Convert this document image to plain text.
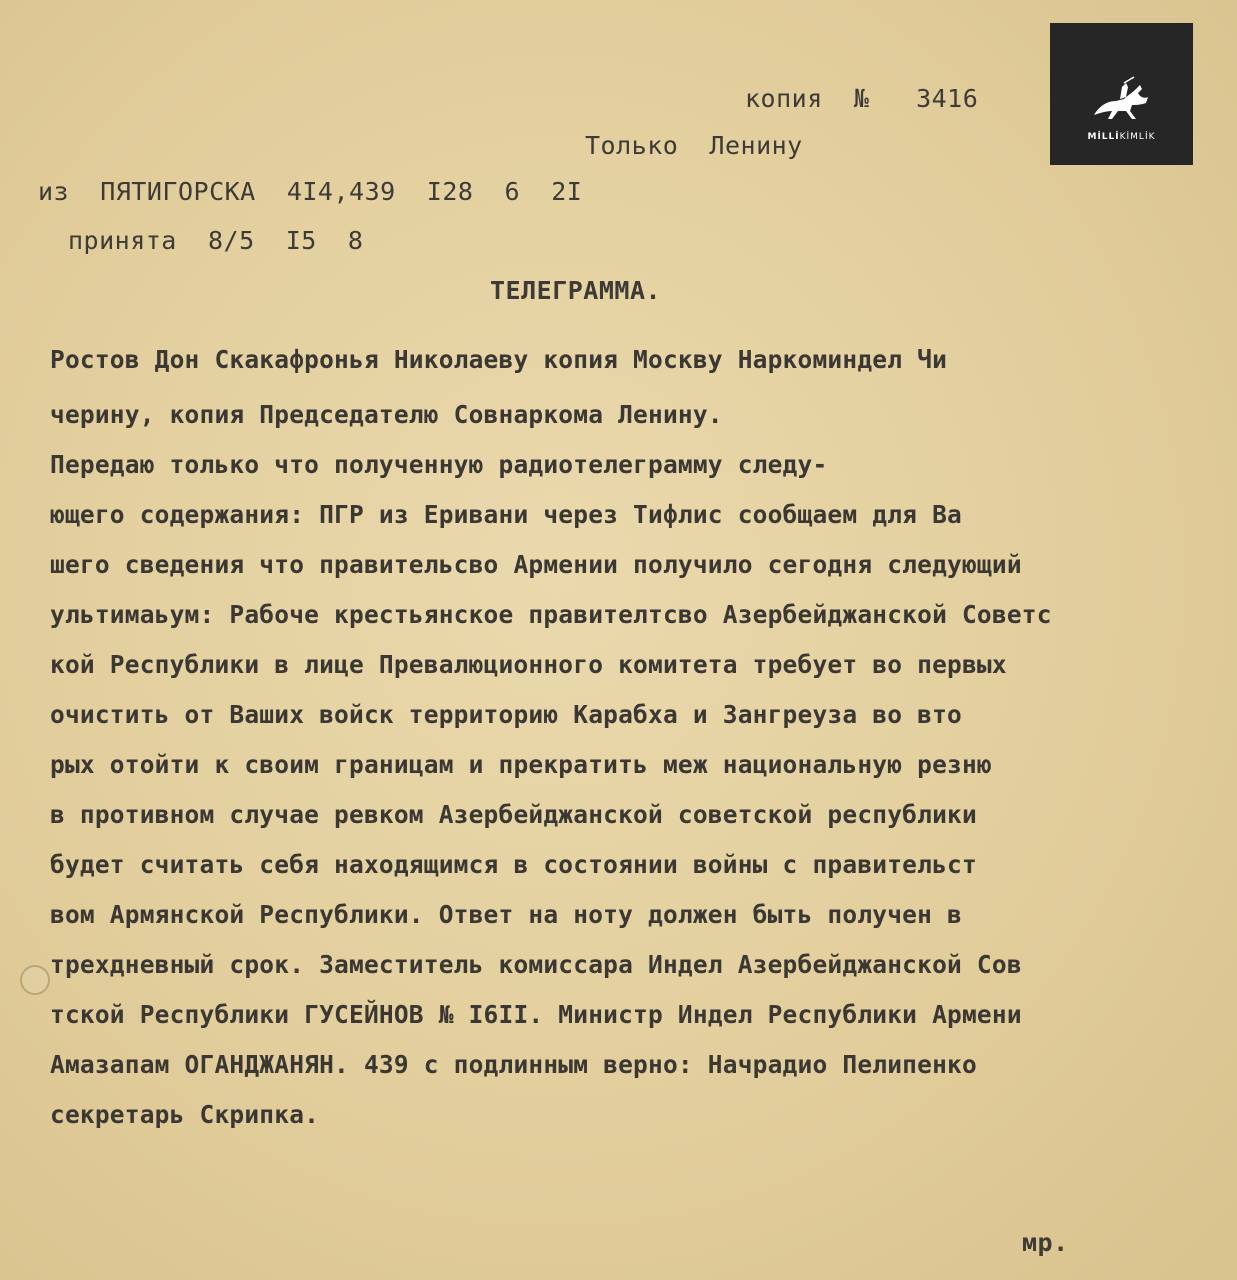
MİLLİKİMLİK
копия  №   3416
Только  Ленину
из  ПЯТИГОРСКА  4I4,439  I28  6  2I
принята  8/5  I5  8
ТЕЛЕГРАММА.
Ростов Дон Скакафронья Николаеву копия Москву Наркоминдел Чи
черину, копия Председателю Совнаркома Ленину.
Передаю только что полученную радиотелеграмму следу-
ющего содержания: ПГР из Еривани через Тифлис сообщаем для Ва
шего сведения что правительсво Армении получило сегодня следующий
ультимаьум: Рабоче крестьянское правителтсво Азербейджанской Советс
кой Республики в лице Превалюционного комитета требует во первых
очистить от Ваших войск территорию Карабха и Зангреуза во вто
рых отойти к своим границам и прекратить меж национальную резню
в противном случае ревком Азербейджанской советской республики
будет считать себя находящимся в состоянии войны с правительст
вом Армянской Республики. Ответ на ноту должен быть получен в
трехдневный срок. Заместитель комиссара Индел Азербейджанской Сов
тской Республики ГУСЕЙНОВ № I6II. Министр Индел Республики Армени
Амазапам ОГАНДЖАНЯН. 439 с подлинным верно: Начрадио Пелипенко
секретарь Скрипка.
мр.
